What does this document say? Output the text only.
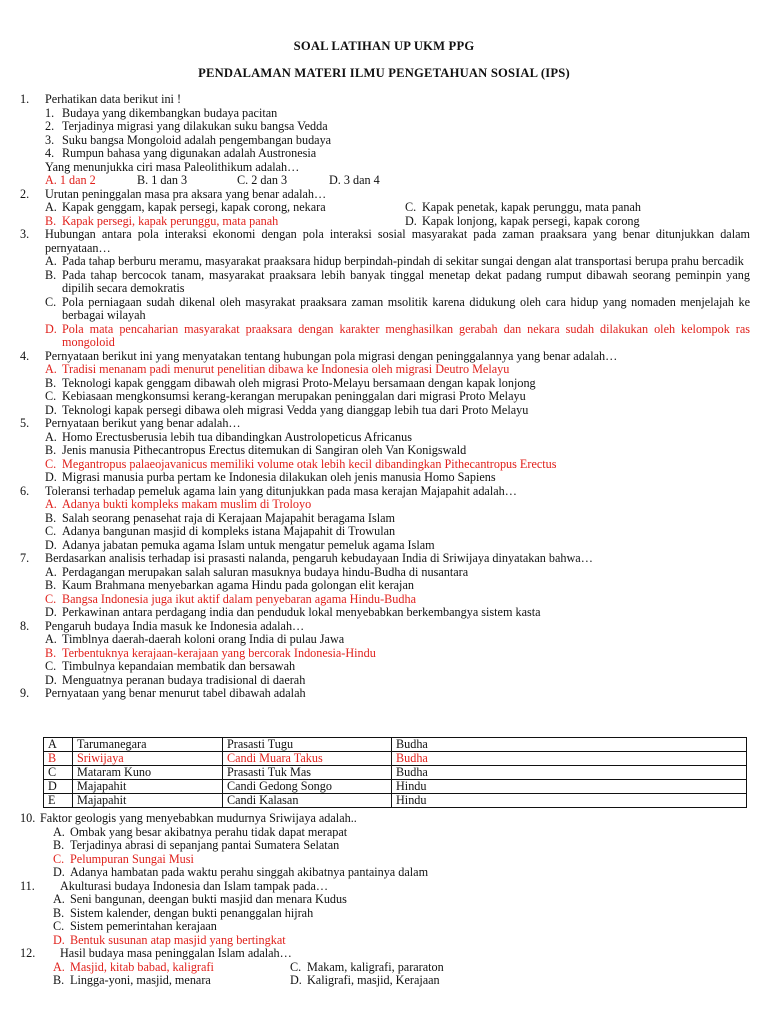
SOAL LATIHAN UP UKM PPG
PENDALAMAN MATERI ILMU PENGETAHUAN SOSIAL (IPS)
1.	Perhatikan data berikut ini !
1. Budaya yang dikembangkan budaya pacitan
2. Terjadinya migrasi yang dilakukan suku bangsa Vedda
3. Suku bangsa Mongoloid adalah pengembangan budaya
4. Rumpun bahasa yang digunakan adalah Austronesia
Yang menunjukka ciri masa Paleolithikum adalah…
A. 1 dan 2	B. 1 dan 3	C. 2 dan 3	D. 3 dan 4
2.	Urutan peninggalan masa pra aksara yang benar adalah…
A. Kapak genggam, kapak persegi, kapak corong, nekara	C. Kapak penetak, kapak perunggu, mata panah
B. Kapak persegi, kapak perunggu, mata panah	D. Kapak lonjong, kapak persegi, kapak corong
3.	Hubungan antara pola interaksi ekonomi dengan pola interaksi sosial masyarakat pada zaman praaksara yang benar ditunjukkan dalam pernyataan…
A. Pada tahap berburu meramu, masyarakat praaksara hidup berpindah-pindah di sekitar sungai dengan alat transportasi berupa prahu bercadik
B. Pada tahap bercocok tanam, masyarakat praaksara lebih banyak tinggal menetap dekat padang rumput dibawah seorang peminpin yang dipilih secara demokratis
C. Pola perniagaan sudah dikenal oleh masyrakat praaksara zaman msolitik karena didukung oleh cara hidup yang nomaden menjelajah ke berbagai wilayah
D. Pola mata pencaharian masyarakat praaksara dengan karakter menghasilkan gerabah dan nekara sudah dilakukan oleh kelompok ras mongoloid
4.	Pernyataan berikut ini yang menyatakan tentang hubungan pola migrasi dengan peninggalannya yang benar adalah…
A. Tradisi menanam padi menurut penelitian dibawa ke Indonesia oleh migrasi Deutro Melayu
B. Teknologi kapak genggam dibawah oleh migrasi Proto-Melayu bersamaan dengan kapak lonjong
C. Kebiasaan mengkonsumsi kerang-kerangan merupakan peninggalan dari migrasi Proto Melayu
D. Teknologi kapak persegi dibawa oleh migrasi Vedda yang dianggap lebih tua dari Proto Melayu
5.	Pernyataan berikut yang benar adalah…
A. Homo Erectusberusia lebih tua dibandingkan Austrolopeticus Africanus
B. Jenis manusia Pithecantropus Erectus ditemukan di Sangiran oleh Van Konigswald
C. Megantropus palaeojavanicus memiliki volume otak lebih kecil dibandingkan Pithecantropus Erectus
D. Migrasi manusia purba pertam ke Indonesia dilakukan oleh jenis manusia Homo Sapiens
6.	Toleransi terhadap pemeluk agama lain yang ditunjukkan pada masa kerajan Majapahit adalah…
A. Adanya bukti kompleks makam muslim di Troloyo
B. Salah seorang penasehat raja di Kerajaan Majapahit beragama Islam
C. Adanya bangunan masjid di kompleks istana Majapahit di Trowulan
D. Adanya jabatan pemuka agama Islam untuk mengatur pemeluk agama Islam
7.	Berdasarkan analisis terhadap isi prasasti nalanda, pengaruh kebudayaan India di Sriwijaya dinyatakan bahwa…
A. Perdagangan merupakan salah saluran masuknya budaya hindu-Budha di nusantara
B. Kaum Brahmana menyebarkan agama Hindu pada golongan elit kerajan
C. Bangsa Indonesia juga ikut aktif dalam penyebaran agama Hindu-Budha
D. Perkawinan antara perdagang india dan penduduk lokal menyebabkan berkembangya sistem kasta
8.	Pengaruh budaya India masuk ke Indonesia adalah…
A. Timblnya daerah-daerah koloni orang India di pulau Jawa
B. Terbentuknya kerajaan-kerajaan yang bercorak Indonesia-Hindu
C. Timbulnya kepandaian membatik dan bersawah
D. Menguatnya peranan budaya tradisional di daerah
9.	Pernyataan yang benar menurut tabel dibawah adalah
A	Tarumanegara	Prasasti Tugu	Budha
B	Sriwijaya	Candi Muara Takus	Budha
C	Mataram Kuno	Prasasti Tuk Mas	Budha
D	Majapahit	Candi Gedong Songo	Hindu
E	Majapahit	Candi Kalasan	Hindu
10. Faktor geologis yang menyebabkan mudurnya Sriwijaya adalah..
A. Ombak yang besar akibatnya perahu tidak dapat merapat
B. Terjadinya abrasi di sepanjang pantai Sumatera Selatan
C. Pelumpuran Sungai Musi
D. Adanya hambatan pada waktu perahu singgah akibatnya pantainya dalam
11.	Akulturasi budaya Indonesia dan Islam tampak pada…
A. Seni bangunan, deengan bukti masjid dan menara Kudus
B. Sistem kalender, dengan bukti penanggalan hijrah
C. Sistem pemerintahan kerajaan
D. Bentuk susunan atap masjid yang bertingkat
12.	Hasil budaya masa peninggalan Islam adalah…
A. Masjid, kitab babad, kaligrafi	C. Makam, kaligrafi, pararaton
B. Lingga-yoni, masjid, menara	D. Kaligrafi, masjid, Kerajaan
